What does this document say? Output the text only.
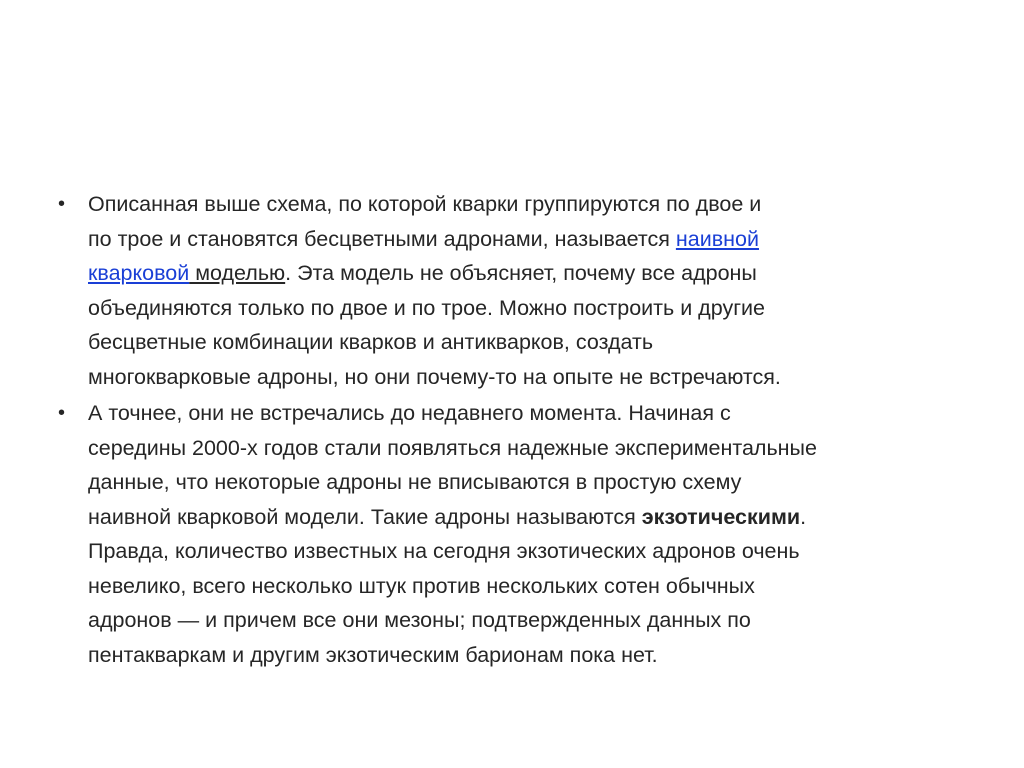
• Описанная выше схема, по которой кварки группируются по двое и
по трое и становятся бесцветными адронами, называется наивной
кварковой моделью. Эта модель не объясняет, почему все адроны
объединяются только по двое и по трое. Можно построить и другие
бесцветные комбинации кварков и антикварков, создать
многокварковые адроны, но они почему-то на опыте не встречаются.
• А точнее, они не встречались до недавнего момента. Начиная с
середины 2000-х годов стали появляться надежные экспериментальные
данные, что некоторые адроны не вписываются в простую схему
наивной кварковой модели. Такие адроны называются экзотическими.
Правда, количество известных на сегодня экзотических адронов очень
невелико, всего несколько штук против нескольких сотен обычных
адронов — и причем все они мезоны; подтвержденных данных по
пентакваркам и другим экзотическим барионам пока нет.
